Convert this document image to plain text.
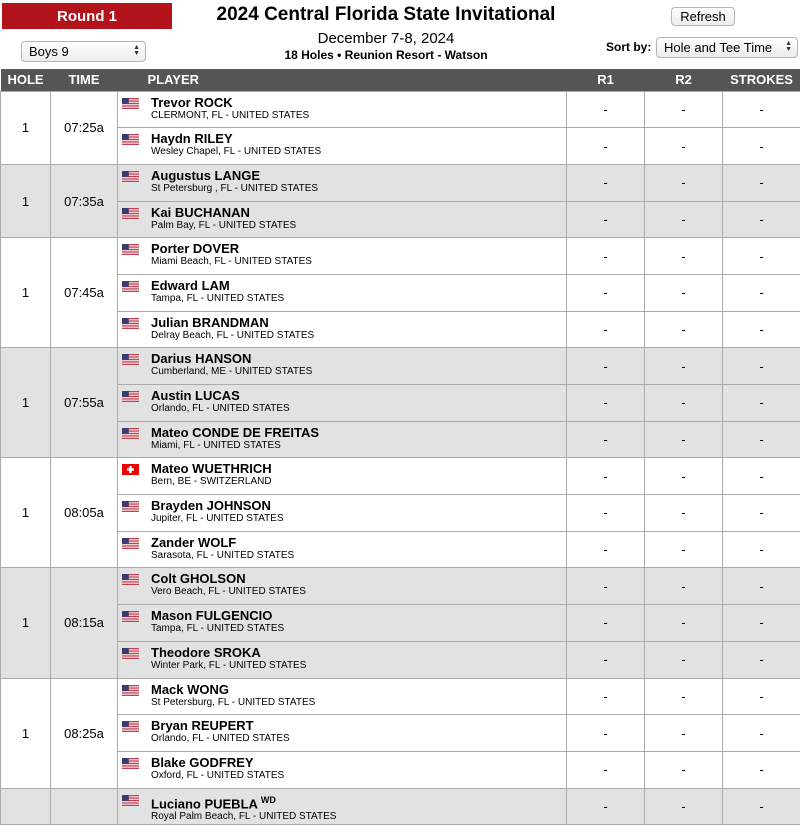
Round 1
Boys 9	▲
▼
2024 Central Florida State Invitational
December 7-8, 2024
18 Holes • Reunion Resort - Watson
Refresh
Sort by: Hole and Tee Time ▲
▼
HOLE	TIME	PLAYER	R1	R2	STROKES
1	07:25a	Trevor ROCK
CLERMONT, FL - UNITED STATES	-	-	-

		Haydn RILEY
Wesley Chapel, FL - UNITED STATES	-	-	-
1	07:35a	Augustus LANGE
St Petersburg , FL - UNITED STATES	-	-	-

		Kai BUCHANAN
Palm Bay, FL - UNITED STATES	-	-	-
1	07:45a	Porter DOVER
Miami Beach, FL - UNITED STATES	-	-	-

		Edward LAM
Tampa, FL - UNITED STATES	-	-	-

		Julian BRANDMAN
Delray Beach, FL - UNITED STATES	-	-	-
1	07:55a	Darius HANSON
Cumberland, ME - UNITED STATES	-	-	-

		Austin LUCAS
Orlando, FL - UNITED STATES	-	-	-

		Mateo CONDE DE FREITAS
Miami, FL - UNITED STATES	-	-	-
1	08:05a	Mateo WUETHRICH
Bern, BE - SWITZERLAND	-	-	-

		Brayden JOHNSON
Jupiter, FL - UNITED STATES	-	-	-

		Zander WOLF
Sarasota, FL - UNITED STATES	-	-	-
1	08:15a	Colt GHOLSON
Vero Beach, FL - UNITED STATES	-	-	-

		Mason FULGENCIO
Tampa, FL - UNITED STATES	-	-	-

		Theodore SROKA
Winter Park, FL - UNITED STATES	-	-	-
1	08:25a	Mack WONG
St Petersburg, FL - UNITED STATES	-	-	-

		Bryan REUPERT
Orlando, FL - UNITED STATES	-	-	-

		Blake GODFREY
Oxford, FL - UNITED STATES	-	-	-

		Luciano PUEBLA $^{WD}$
Royal Palm Beach, FL - UNITED STATES	-	-	-
